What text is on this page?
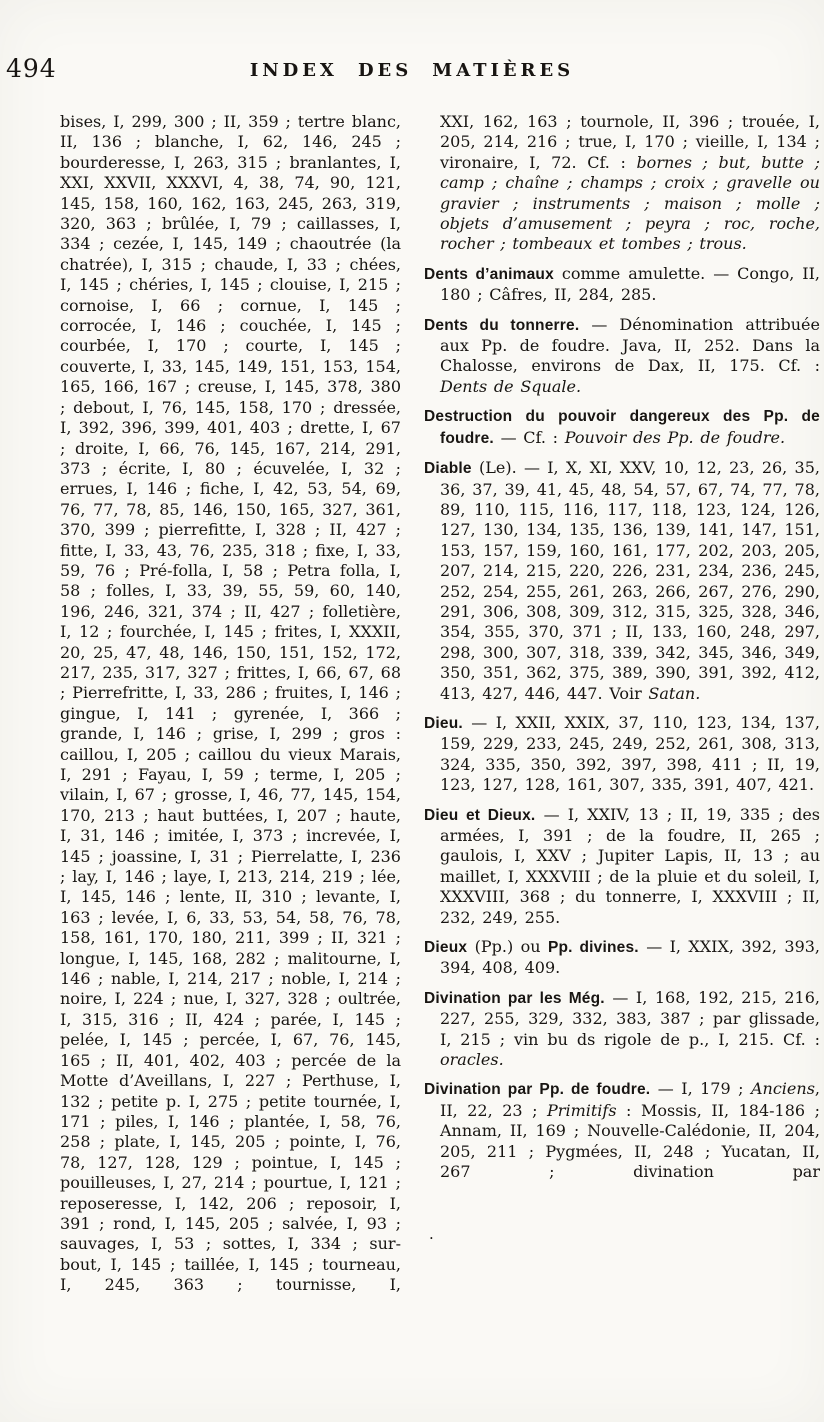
494	INDEX DES MATIÈRES

bises, I, 299, 300 ; II, 359 ; tertre blanc, II, 136 ; blanche, I, 62, 146, 245 ; bourderesse, I, 263, 315 ; branlantes, I, XXI, XXVII, XXXVI, 4, 38, 74, 90, 121, 145, 158, 160, 162, 163, 245, 263, 319, 320, 363 ; brûlée, I, 79 ; caillasses, I, 334 ; cezée, I, 145, 149 ; chaoutrée (la chatrée), I, 315 ; chaude, I, 33 ; chées, I, 145 ; chéries, I, 145 ; clouise, I, 215 ; cornoise, I, 66 ; cornue, I, 145 ; corrocée, I, 146 ; couchée, I, 145 ; courbée, I, 170 ; courte, I, 145 ; couverte, I, 33, 145, 149, 151, 153, 154, 165, 166, 167 ; creuse, I, 145, 378, 380 ; debout, I, 76, 145, 158, 170 ; dressée, I, 392, 396, 399, 401, 403 ; drette, I, 67 ; droite, I, 66, 76, 145, 167, 214, 291, 373 ; écrite, I, 80 ; écuvelée, I, 32 ; errues, I, 146 ; fiche, I, 42, 53, 54, 69, 76, 77, 78, 85, 146, 150, 165, 327, 361, 370, 399 ; pierrefitte, I, 328 ; II, 427 ; fitte, I, 33, 43, 76, 235, 318 ; fixe, I, 33, 59, 76 ; Pré-folla, I, 58 ; Petra folla, I, 58 ; folles, I, 33, 39, 55, 59, 60, 140, 196, 246, 321, 374 ; II, 427 ; folletière, I, 12 ; fourchée, I, 145 ; frites, I, XXXII, 20, 25, 47, 48, 146, 150, 151, 152, 172, 217, 235, 317, 327 ; frittes, I, 66, 67, 68 ; Pierrefritte, I, 33, 286 ; fruites, I, 146 ; gingue, I, 141 ; gyrenée, I, 366 ; grande, I, 146 ; grise, I, 299 ; gros : caillou, I, 205 ; caillou du vieux Marais, I, 291 ; Fayau, I, 59 ; terme, I, 205 ; vilain, I, 67 ; grosse, I, 46, 77, 145, 154, 170, 213 ; haut buttées, I, 207 ; haute, I, 31, 146 ; imitée, I, 373 ; increvée, I, 145 ; joassine, I, 31 ; Pierrelatte, I, 236 ; lay, I, 146 ; laye, I, 213, 214, 219 ; lée, I, 145, 146 ; lente, II, 310 ; levante, I, 163 ; levée, I, 6, 33, 53, 54, 58, 76, 78, 158, 161, 170, 180, 211, 399 ; II, 321 ; longue, I, 145, 168, 282 ; malitourne, I, 146 ; nable, I, 214, 217 ; noble, I, 214 ; noire, I, 224 ; nue, I, 327, 328 ; oultrée, I, 315, 316 ; II, 424 ; parée, I, 145 ; pelée, I, 145 ; percée, I, 67, 76, 145, 165 ; II, 401, 402, 403 ; percée de la Motte d’Aveillans, I, 227 ; Perthuse, I, 132 ; petite p. I, 275 ; petite tournée, I, 171 ; piles, I, 146 ; plantée, I, 58, 76, 258 ; plate, I, 145, 205 ; pointe, I, 76, 78, 127, 128, 129 ; pointue, I, 145 ; pouilleuses, I, 27, 214 ; pourtue, I, 121 ; reposeresse, I, 142, 206 ; reposoir, I, 391 ; rond, I, 145, 205 ; salvée, I, 93 ; sauvages, I, 53 ; sottes, I, 334 ; sur-bout, I, 145 ; taillée, I, 145 ; tourneau, I, 245, 363 ; tournisse, I,

XXI, 162, 163 ; tournole, II, 396 ; trouée, I, 205, 214, 216 ; true, I, 170 ; vieille, I, 134 ; vironaire, I, 72. Cf. : bornes ; but, butte ; camp ; chaîne ; champs ; croix ; gravelle ou gravier ; instruments ; maison ; molle ; objets d’amusement ; peyra ; roc, roche, rocher ; tombeaux et tombes ; trous.

Dents d’animaux comme amulette. — Congo, II, 180 ; Câfres, II, 284, 285.

Dents du tonnerre. — Dénomination attribuée aux Pp. de foudre. Java, II, 252. Dans la Chalosse, environs de Dax, II, 175. Cf. : Dents de Squale.

Destruction du pouvoir dangereux des Pp. de foudre. — Cf. : Pouvoir des Pp. de foudre.

Diable (Le). — I, X, XI, XXV, 10, 12, 23, 26, 35, 36, 37, 39, 41, 45, 48, 54, 57, 67, 74, 77, 78, 89, 110, 115, 116, 117, 118, 123, 124, 126, 127, 130, 134, 135, 136, 139, 141, 147, 151, 153, 157, 159, 160, 161, 177, 202, 203, 205, 207, 214, 215, 220, 226, 231, 234, 236, 245, 252, 254, 255, 261, 263, 266, 267, 276, 290, 291, 306, 308, 309, 312, 315, 325, 328, 346, 354, 355, 370, 371 ; II, 133, 160, 248, 297, 298, 300, 307, 318, 339, 342, 345, 346, 349, 350, 351, 362, 375, 389, 390, 391, 392, 412, 413, 427, 446, 447. Voir Satan.

Dieu. — I, XXII, XXIX, 37, 110, 123, 134, 137, 159, 229, 233, 245, 249, 252, 261, 308, 313, 324, 335, 350, 392, 397, 398, 411 ; II, 19, 123, 127, 128, 161, 307, 335, 391, 407, 421.

Dieu et Dieux. — I, XXIV, 13 ; II, 19, 335 ; des armées, I, 391 ; de la foudre, II, 265 ; gaulois, I, XXV ; Jupiter Lapis, II, 13 ; au maillet, I, XXXVIII ; de la pluie et du soleil, I, XXXVIII, 368 ; du tonnerre, I, XXXVIII ; II, 232, 249, 255.

Dieux (Pp.) ou Pp. divines. — I, XXIX, 392, 393, 394, 408, 409.

Divination par les Még. — I, 168, 192, 215, 216, 227, 255, 329, 332, 383, 387 ; par glissade, I, 215 ; vin bu ds rigole de p., I, 215. Cf. : oracles.

Divination par Pp. de foudre. — I, 179 ; Anciens, II, 22, 23 ; Primitifs : Mossis, II, 184-186 ; Annam, II, 169 ; Nouvelle-Calédonie, II, 204, 205, 211 ; Pygmées, II, 248 ; Yucatan, II, 267 ; divination par

·
